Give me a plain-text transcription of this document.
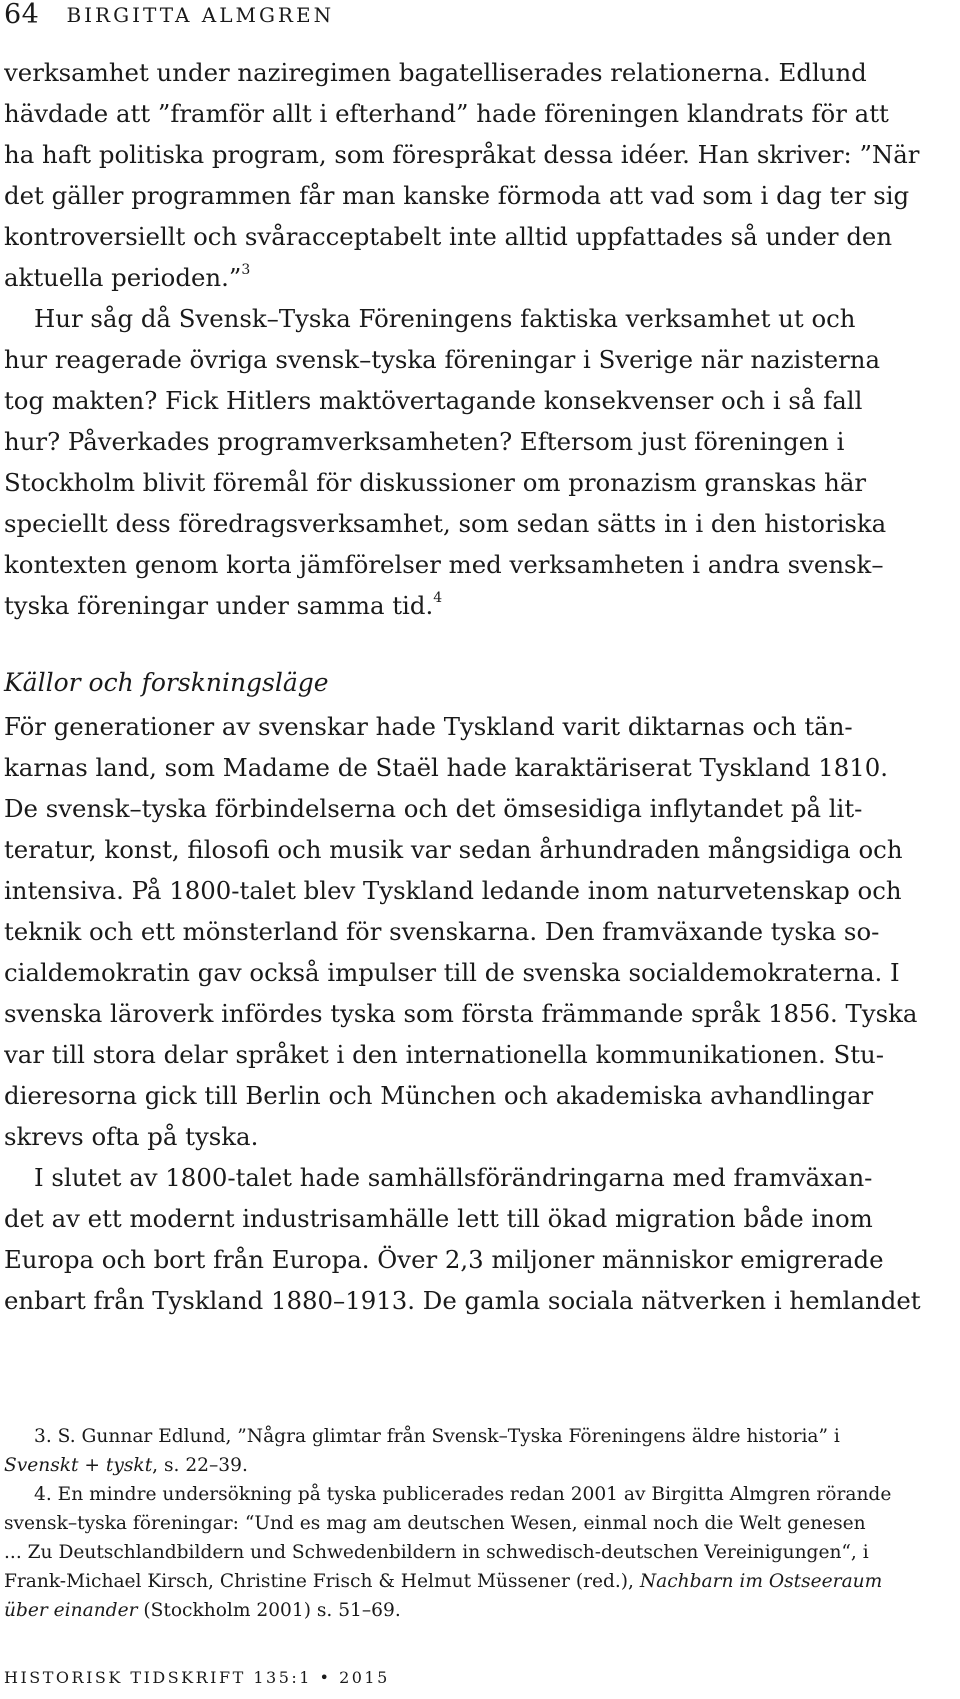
64 BIRGITTA ALMGREN
verksamhet under naziregimen bagatelliserades relationerna. Edlund
hävdade att ”framför allt i efterhand” hade föreningen klandrats för att
ha haft politiska program, som förespråkat dessa idéer. Han skriver: ”När
det gäller programmen får man kanske förmoda att vad som i dag ter sig
kontroversiellt och svåracceptabelt inte alltid uppfattades så under den
aktuella perioden.”$^3$
Hur såg då Svensk–Tyska Föreningens faktiska verksamhet ut och
hur reagerade övriga svensk–tyska föreningar i Sverige när nazisterna
tog makten? Fick Hitlers maktövertagande konsekvenser och i så fall
hur? Påverkades programverksamheten? Eftersom just föreningen i
Stockholm blivit föremål för diskussioner om pronazism granskas här
speciellt dess föredragsverksamhet, som sedan sätts in i den historiska
kontexten genom korta jämförelser med verksamheten i andra svensk–
tyska föreningar under samma tid.$^4$
Källor och forskningsläge
För generationer av svenskar hade Tyskland varit diktarnas och tän-
karnas land, som Madame de Staël hade karaktäriserat Tyskland 1810.
De svensk–tyska förbindelserna och det ömsesidiga inflytandet på lit-
teratur, konst, filosofi och musik var sedan århundraden mångsidiga och
intensiva. På 1800-talet blev Tyskland ledande inom naturvetenskap och
teknik och ett mönsterland för svenskarna. Den framväxande tyska so-
cialdemokratin gav också impulser till de svenska socialdemokraterna. I
svenska läroverk infördes tyska som första främmande språk 1856. Tyska
var till stora delar språket i den internationella kommunikationen. Stu-
dieresorna gick till Berlin och München och akademiska avhandlingar
skrevs ofta på tyska.
I slutet av 1800-talet hade samhällsförändringarna med framväxan-
det av ett modernt industrisamhälle lett till ökad migration både inom
Europa och bort från Europa. Över 2,3 miljoner människor emigrerade
enbart från Tyskland 1880–1913. De gamla sociala nätverken i hemlandet
3. S. Gunnar Edlund, ”Några glimtar från Svensk–Tyska Föreningens äldre historia” i
Svenskt + tyskt, s. 22–39.
4. En mindre undersökning på tyska publicerades redan 2001 av Birgitta Almgren rörande
svensk–tyska föreningar: “Und es mag am deutschen Wesen, einmal noch die Welt genesen
... Zu Deutschlandbildern und Schwedenbildern in schwedisch-deutschen Vereinigungen“, i
Frank-Michael Kirsch, Christine Frisch & Helmut Müssener (red.), Nachbarn im Ostseeraum
über einander (Stockholm 2001) s. 51–69.
HISTORISK TIDSKRIFT 135:1 • 2015
